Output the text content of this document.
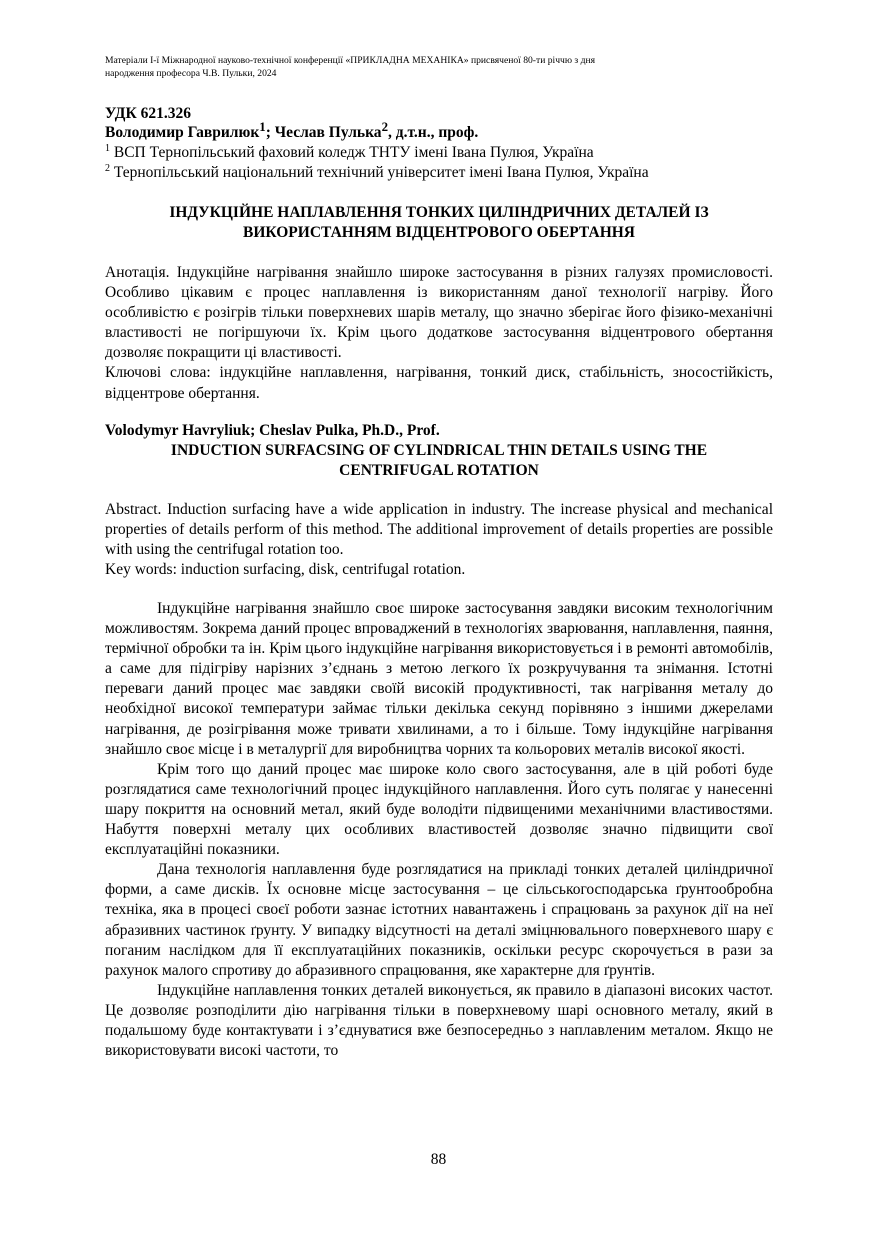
Матеріали І-ї Міжнародної науково-технічної конференції «ПРИКЛАДНА МЕХАНІКА» присвяченої 80-ти річчю з дня
народження професора Ч.В. Пульки, 2024
УДК 621.326
Володимир Гаврилюк$^1$; Чеслав Пулька$^2$, д.т.н., проф.
$^1$ ВСП Тернопільський фаховий коледж ТНТУ імені Івана Пулюя, Україна
$^2$ Тернопільський національний технічний університет імені Івана Пулюя, Україна
ІНДУКЦІЙНЕ НАПЛАВЛЕННЯ ТОНКИХ ЦИЛІНДРИЧНИХ ДЕТАЛЕЙ ІЗ
ВИКОРИСТАННЯМ ВІДЦЕНТРОВОГО ОБЕРТАННЯ

Анотація. Індукційне нагрівання знайшло широке застосування в різних галузях промисловості. Особливо цікавим є процес наплавлення із використанням даної технології нагріву. Його особливістю є розігрів тільки поверхневих шарів металу, що значно зберігає його фізико-механічні властивості не погіршуючи їх. Крім цього додаткове застосування відцентрового обертання дозволяє покращити ці властивості.

Ключові слова: індукційне наплавлення, нагрівання, тонкий диск, стабільність, зносостійкість, відцентрове обертання.

Volodymyr Havryliuk; Cheslav Pulka, Ph.D., Prof.
INDUCTION SURFACSING OF CYLINDRICAL THIN DETAILS USING THE
CENTRIFUGAL ROTATION

Abstract. Induction surfacing have a wide application in industry. The increase physical and mechanical properties of details perform of this method. The additional improvement of details properties are possible with using the centrifugal rotation too.

Key words: induction surfacing, disk, centrifugal rotation.

Індукційне нагрівання знайшло своє широке застосування завдяки високим технологічним можливостям. Зокрема даний процес впроваджений в технологіях зварювання, наплавлення, паяння, термічної обробки та ін. Крім цього індукційне нагрівання використовується і в ремонті автомобілів, а саме для підігріву нарізних з’єднань з метою легкого їх розкручування та знімання. Істотні переваги даний процес має завдяки своїй високій продуктивності, так нагрівання металу до необхідної високої температури займає тільки декілька секунд порівняно з іншими джерелами нагрівання, де розігрівання може тривати хвилинами, а то і більше. Тому індукційне нагрівання знайшло своє місце і в металургії для виробництва чорних та кольорових металів високої якості.

Крім того що даний процес має широке коло свого застосування, але в цій роботі буде розглядатися саме технологічний процес індукційного наплавлення. Його суть полягає у нанесенні шару покриття на основний метал, який буде володіти підвищеними механічними властивостями. Набуття поверхні металу цих особливих властивостей дозволяє значно підвищити свої експлуатаційні показники.

Дана технологія наплавлення буде розглядатися на прикладі тонких деталей циліндричної форми, а саме дисків. Їх основне місце застосування – це сільськогосподарська ґрунтообробна техніка, яка в процесі своєї роботи зазнає істотних навантажень і спрацювань за рахунок дії на неї абразивних частинок ґрунту. У випадку відсутності на деталі зміцнювального поверхневого шару є поганим наслідком для її експлуатаційних показників, оскільки ресурс скорочується в рази за рахунок малого спротиву до абразивного спрацювання, яке характерне для ґрунтів.

Індукційне наплавлення тонких деталей виконується, як правило в діапазоні високих частот. Це дозволяє розподілити дію нагрівання тільки в поверхневому шарі основного металу, який в подальшому буде контактувати і з’єднуватися вже безпосередньо з наплавленим металом. Якщо не використовувати високі частоти, то

88
